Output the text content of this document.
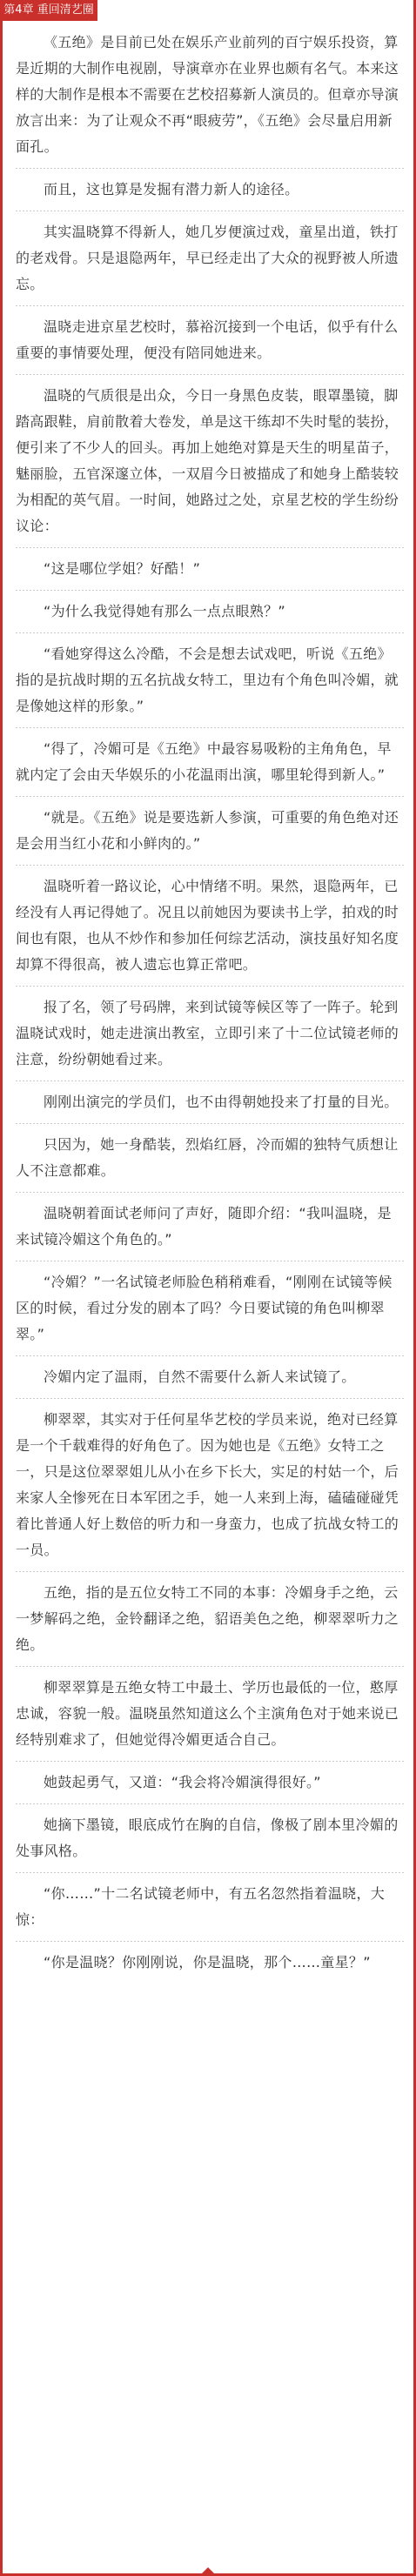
第4章 重回清艺圈

《五绝》是目前已处在娱乐产业前列的百宁娱乐投资，算是近期的大制作电视剧，导演章亦在业界也颇有名气。本来这样的大制作是根本不需要在艺校招募新人演员的。但章亦导演放言出来：为了让观众不再“眼疲劳”，《五绝》会尽量启用新面孔。

而且，这也算是发掘有潜力新人的途径。

其实温晓算不得新人，她几岁便演过戏，童星出道，铁打的老戏骨。只是退隐两年，早已经走出了大众的视野被人所遗忘。

温晓走进京星艺校时，慕裕沉接到一个电话，似乎有什么重要的事情要处理，便没有陪同她进来。

温晓的气质很是出众，今日一身黑色皮装，眼罩墨镜，脚踏高跟鞋，肩前散着大卷发，单是这干练却不失时髦的装扮，便引来了不少人的回头。再加上她绝对算是天生的明星苗子，魅丽脸，五官深邃立体，一双眉今日被描成了和她身上酷装较为相配的英气眉。一时间，她路过之处，京星艺校的学生纷纷议论：

“这是哪位学姐？好酷！”

“为什么我觉得她有那么一点点眼熟？”

“看她穿得这么冷酷，不会是想去试戏吧，听说《五绝》指的是抗战时期的五名抗战女特工，里边有个角色叫冷媚，就是像她这样的形象。”

“得了，冷媚可是《五绝》中最容易吸粉的主角角色，早就内定了会由天华娱乐的小花温雨出演，哪里轮得到新人。”

“就是。《五绝》说是要选新人参演，可重要的角色绝对还是会用当红小花和小鲜肉的。”

温晓听着一路议论，心中情绪不明。果然，退隐两年，已经没有人再记得她了。况且以前她因为要读书上学，拍戏的时间也有限，也从不炒作和参加任何综艺活动，演技虽好知名度却算不得很高，被人遗忘也算正常吧。

报了名，领了号码牌，来到试镜等候区等了一阵子。轮到温晓试戏时，她走进演出教室，立即引来了十二位试镜老师的注意，纷纷朝她看过来。

刚刚出演完的学员们，也不由得朝她投来了打量的目光。

只因为，她一身酷装，烈焰红唇，冷而媚的独特气质想让人不注意都难。

温晓朝着面试老师问了声好，随即介绍：“我叫温晓，是来试镜冷媚这个角色的。”

“冷媚？”一名试镜老师脸色稍稍难看，“刚刚在试镜等候区的时候，看过分发的剧本了吗？今日要试镜的角色叫柳翠翠。”

冷媚内定了温雨，自然不需要什么新人来试镜了。

柳翠翠，其实对于任何星华艺校的学员来说，绝对已经算是一个千载难得的好角色了。因为她也是《五绝》女特工之一，只是这位翠翠姐儿从小在乡下长大，实足的村姑一个，后来家人全惨死在日本军团之手，她一人来到上海，磕磕碰碰凭着比普通人好上数倍的听力和一身蛮力，也成了抗战女特工的一员。

五绝，指的是五位女特工不同的本事：冷媚身手之绝，云一梦解码之绝，金铃翻译之绝，貂语美色之绝，柳翠翠听力之绝。

柳翠翠算是五绝女特工中最土、学历也最低的一位，憨厚忠诚，容貌一般。温晓虽然知道这么个主演角色对于她来说已经特别难求了，但她觉得冷媚更适合自己。

她鼓起勇气，又道：“我会将冷媚演得很好。”

她摘下墨镜，眼底成竹在胸的自信，像极了剧本里冷媚的处事风格。

“你……”十二名试镜老师中，有五名忽然指着温晓，大惊：

“你是温晓？你刚刚说，你是温晓，那个……童星？”
